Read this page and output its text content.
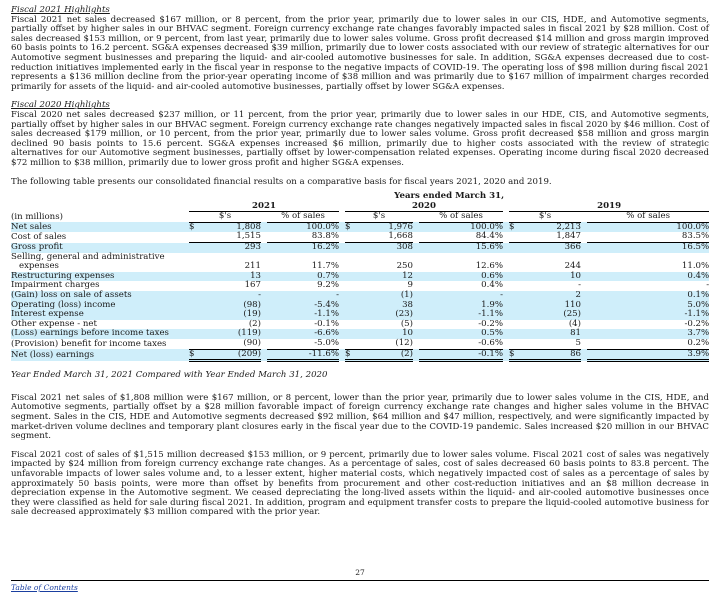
Fiscal 2021 Highlights

Fiscal 2021 net sales decreased $167 million, or 8 percent, from the prior year, primarily due to lower sales in our CIS, HDE, and Automotive segments, partially offset by higher sales in our BHVAC segment. Foreign currency exchange rate changes favorably impacted sales in fiscal 2021 by $28 million. Cost of sales decreased $153 million, or 9 percent, from last year, primarily due to lower sales volume. Gross profit decreased $14 million and gross margin improved 60 basis points to 16.2 percent. SG&A expenses decreased $39 million, primarily due to lower costs associated with our review of strategic alternatives for our Automotive segment businesses and preparing the liquid- and air-cooled automotive businesses for sale. In addition, SG&A expenses decreased due to cost-reduction initiatives implemented early in the fiscal year in response to the negative impacts of COVID-19. The operating loss of $98 million during fiscal 2021 represents a $136 million decline from the prior-year operating income of $38 million and was primarily due to $167 million of impairment charges recorded primarily for assets of the liquid- and air-cooled automotive businesses, partially offset by lower SG&A expenses.

Fiscal 2020 Highlights

Fiscal 2020 net sales decreased $237 million, or 11 percent, from the prior year, primarily due to lower sales in our HDE, CIS, and Automotive segments, partially offset by higher sales in our BHVAC segment. Foreign currency exchange rate changes negatively impacted sales in fiscal 2020 by $46 million. Cost of sales decreased $179 million, or 10 percent, from the prior year, primarily due to lower sales volume. Gross profit decreased $58 million and gross margin declined 90 basis points to 15.6 percent. SG&A expenses increased $6 million, primarily due to higher costs associated with the review of strategic alternatives for our Automotive segment businesses, partially offset by lower-compensation related expenses. Operating income during fiscal 2020 decreased $72 million to $38 million, primarily due to lower gross profit and higher SG&A expenses.

The following table presents our consolidated financial results on a comparative basis for fiscal years 2021, 2020 and 2019.

	Years ended March 31,													
	2021					2020					2019			
(in millions)	$'s			% of sales		$'s			% of sales		$'s			% of sales
Net sales	$	1,808		100.0%		$	1,976		100.0%		$	2,213		100.0%
Cost of sales		1,515		83.8%			1,668		84.4%			1,847		83.5%
Gross profit		293		16.2%			308		15.6%			366		16.5%
Selling, general and administrative														
expenses		211		11.7%			250		12.6%			244		11.0%
Restructuring expenses		13		0.7%			12		0.6%			10		0.4%
Impairment charges		167		9.2%			9		0.4%			-		-
(Gain) loss on sale of assets		-		-			(1)		-			2		0.1%
Operating (loss) income		(98)		-5.4%			38		1.9%			110		5.0%
Interest expense		(19)		-1.1%			(23)		-1.1%			(25)		-1.1%
Other expense - net		(2)		-0.1%			(5)		-0.2%			(4)		-0.2%
(Loss) earnings before income taxes		(119)		-6.6%			10		0.5%			81		3.7%
(Provision) benefit for income taxes		(90)		-5.0%			(12)		-0.6%			5		0.2%
Net (loss) earnings	$	(209)		-11.6%		$	(2)		-0.1%		$	86		3.9%
Year Ended March 31, 2021 Compared with Year Ended March 31, 2020

Fiscal 2021 net sales of $1,808 million were $167 million, or 8 percent, lower than the prior year, primarily due to lower sales volume in the CIS, HDE, and Automotive segments, partially offset by a $28 million favorable impact of foreign currency exchange rate changes and higher sales volume in the BHVAC segment. Sales in the CIS, HDE and Automotive segments decreased $92 million, $64 million and $47 million, respectively, and were significantly impacted by market-driven volume declines and temporary plant closures early in the fiscal year due to the COVID-19 pandemic. Sales increased $20 million in our BHVAC segment.

Fiscal 2021 cost of sales of $1,515 million decreased $153 million, or 9 percent, primarily due to lower sales volume. Fiscal 2021 cost of sales was negatively impacted by $24 million from foreign currency exchange rate changes. As a percentage of sales, cost of sales decreased 60 basis points to 83.8 percent. The unfavorable impacts of lower sales volume and, to a lesser extent, higher material costs, which negatively impacted cost of sales as a percentage of sales by approximately 50 basis points, were more than offset by benefits from procurement and other cost-reduction initiatives and an $8 million decrease in depreciation expense in the Automotive segment. We ceased depreciating the long-lived assets within the liquid- and air-cooled automotive businesses once they were classified as held for sale during fiscal 2021. In addition, program and equipment transfer costs to prepare the liquid-cooled automotive business for sale decreased approximately $3 million compared with the prior year.

27
Table of Contents
